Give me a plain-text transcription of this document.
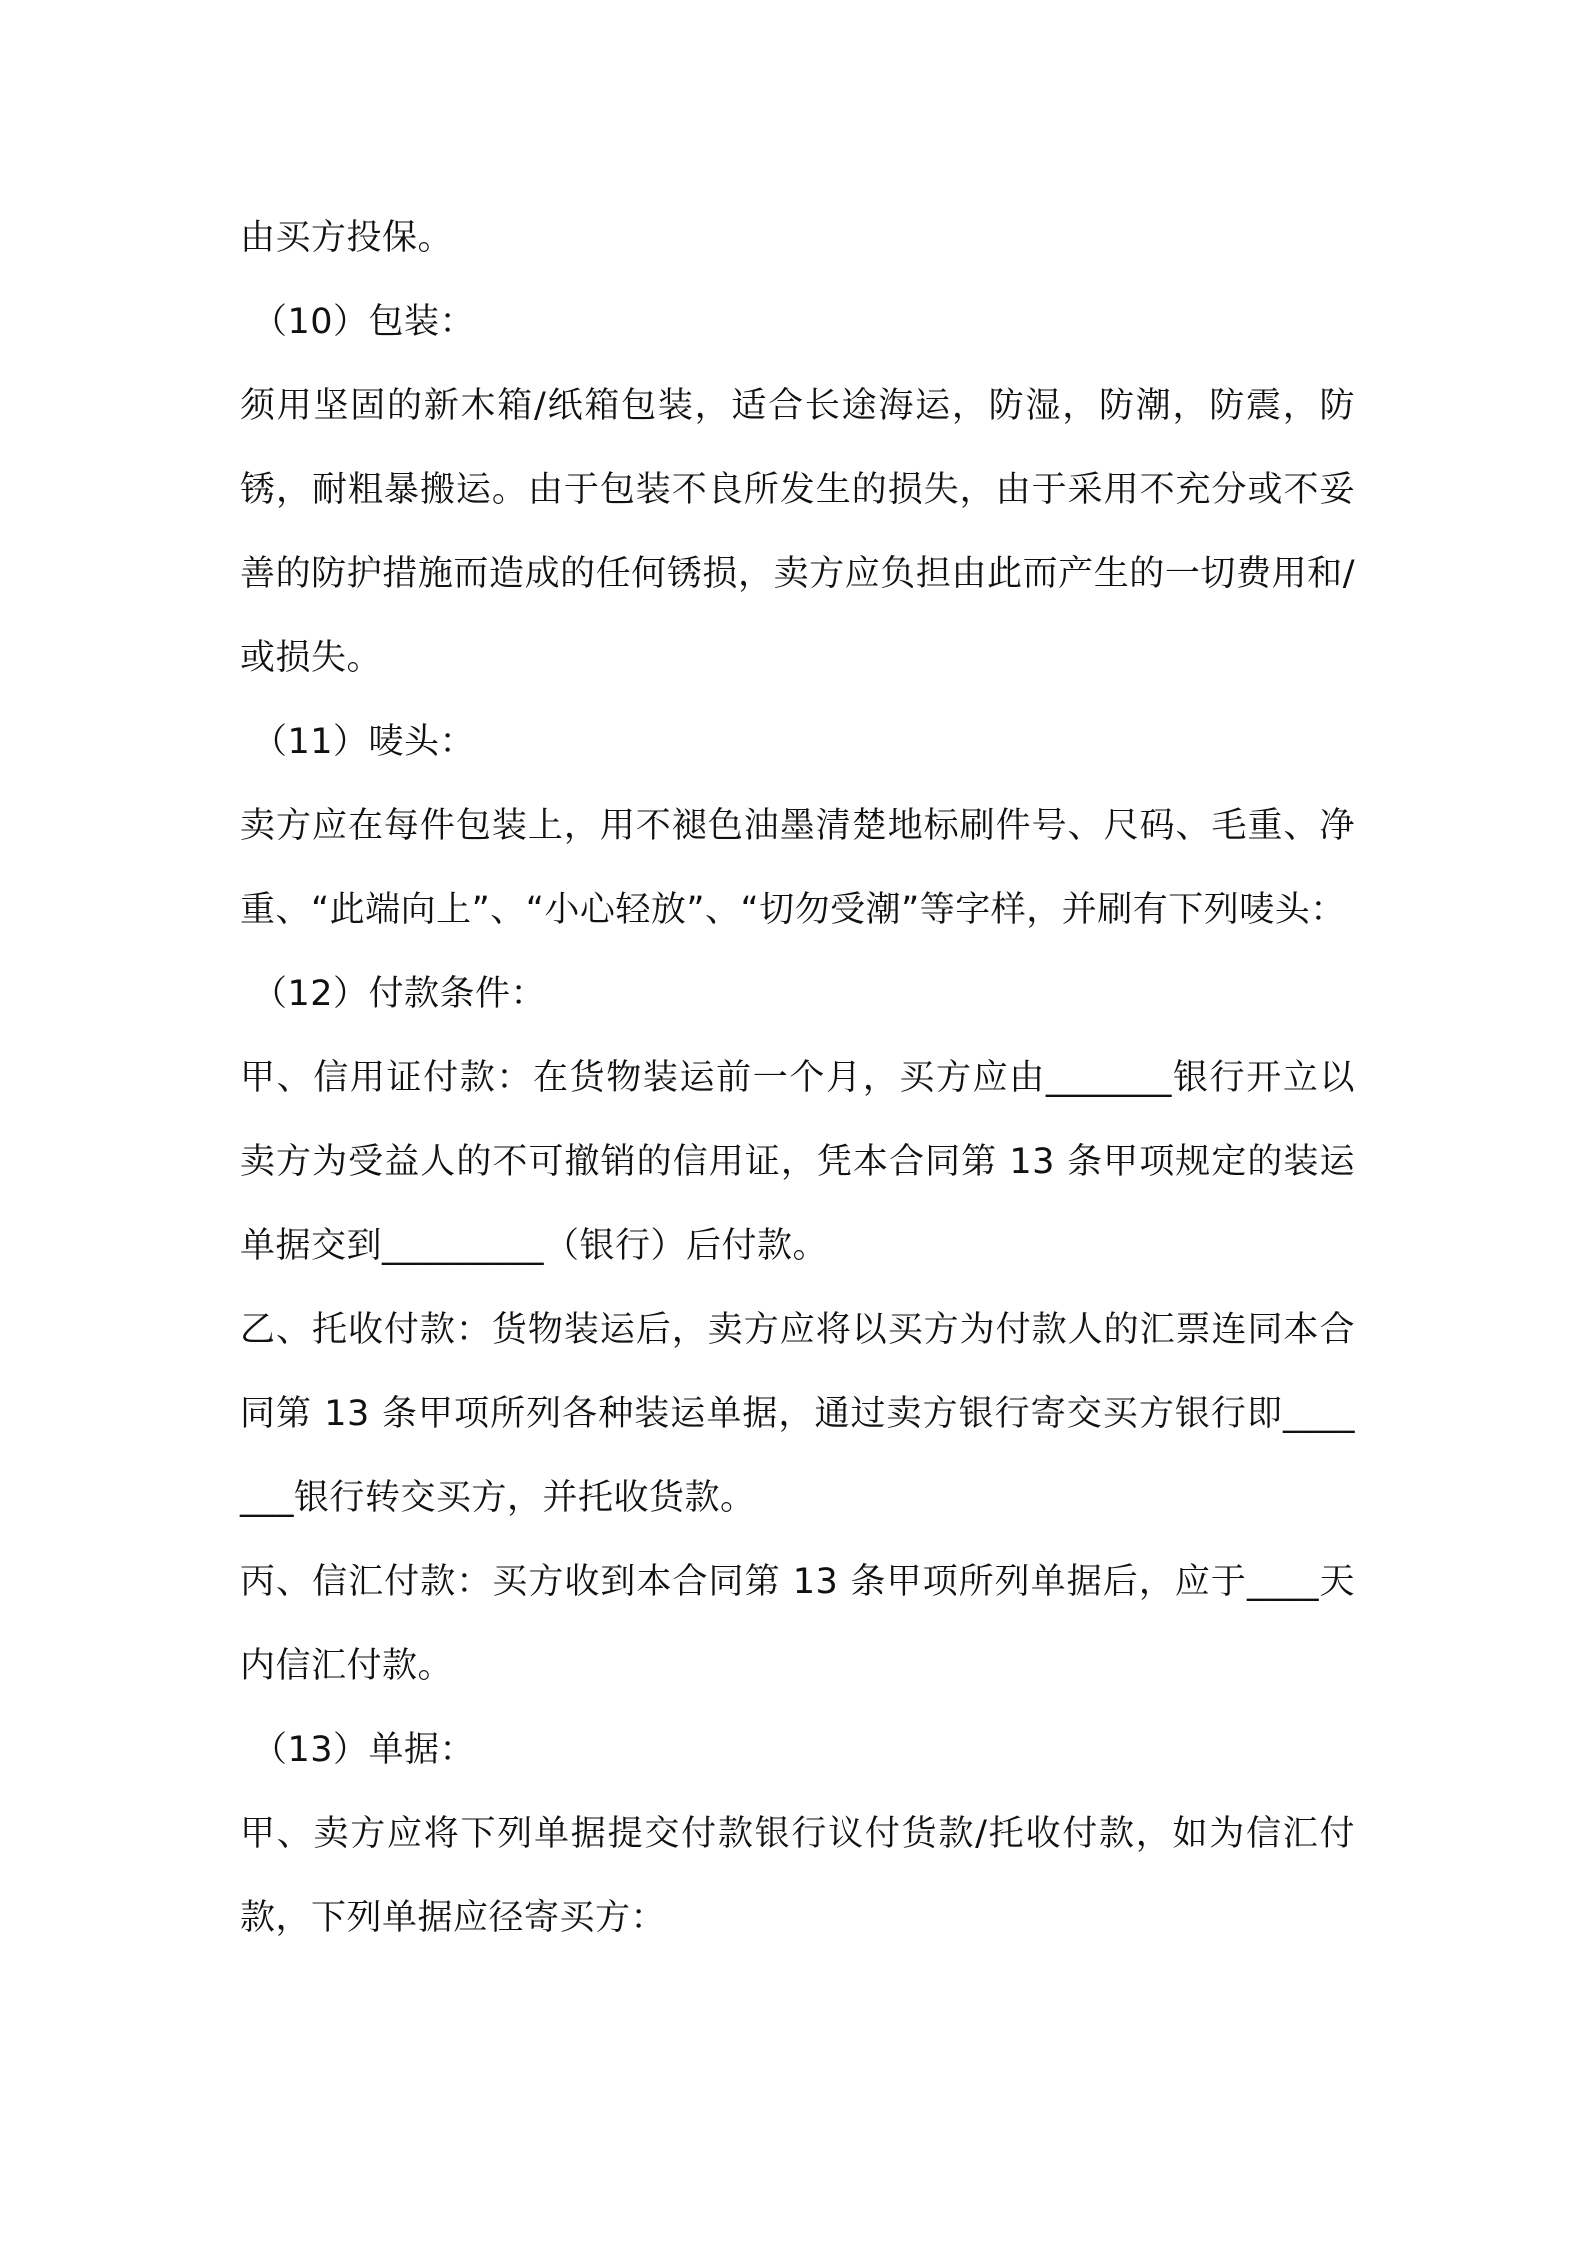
由买方投保。

（10）包装：

须用坚固的新木箱/纸箱包装，适合长途海运，防湿，防潮，防震，防锈，耐粗暴搬运。由于包装不良所发生的损失，由于采用不充分或不妥善的防护措施而造成的任何锈损，卖方应负担由此而产生的一切费用和/或损失。

（11）唛头：

卖方应在每件包装上，用不褪色油墨清楚地标刷件号、尺码、毛重、净重、“此端向上”、“小心轻放”、“切勿受潮”等字样，并刷有下列唛头：

（12）付款条件：

甲、信用证付款：在货物装运前一个月，买方应由_______银行开立以卖方为受益人的不可撤销的信用证，凭本合同第 13 条甲项规定的装运单据交到_________（银行）后付款。

乙、托收付款：货物装运后，卖方应将以买方为付款人的汇票连同本合同第 13 条甲项所列各种装运单据，通过卖方银行寄交买方银行即_______银行转交买方，并托收货款。

丙、信汇付款：买方收到本合同第 13 条甲项所列单据后，应于____天内信汇付款。

（13）单据：

甲、卖方应将下列单据提交付款银行议付货款/托收付款，如为信汇付款，下列单据应径寄买方：
